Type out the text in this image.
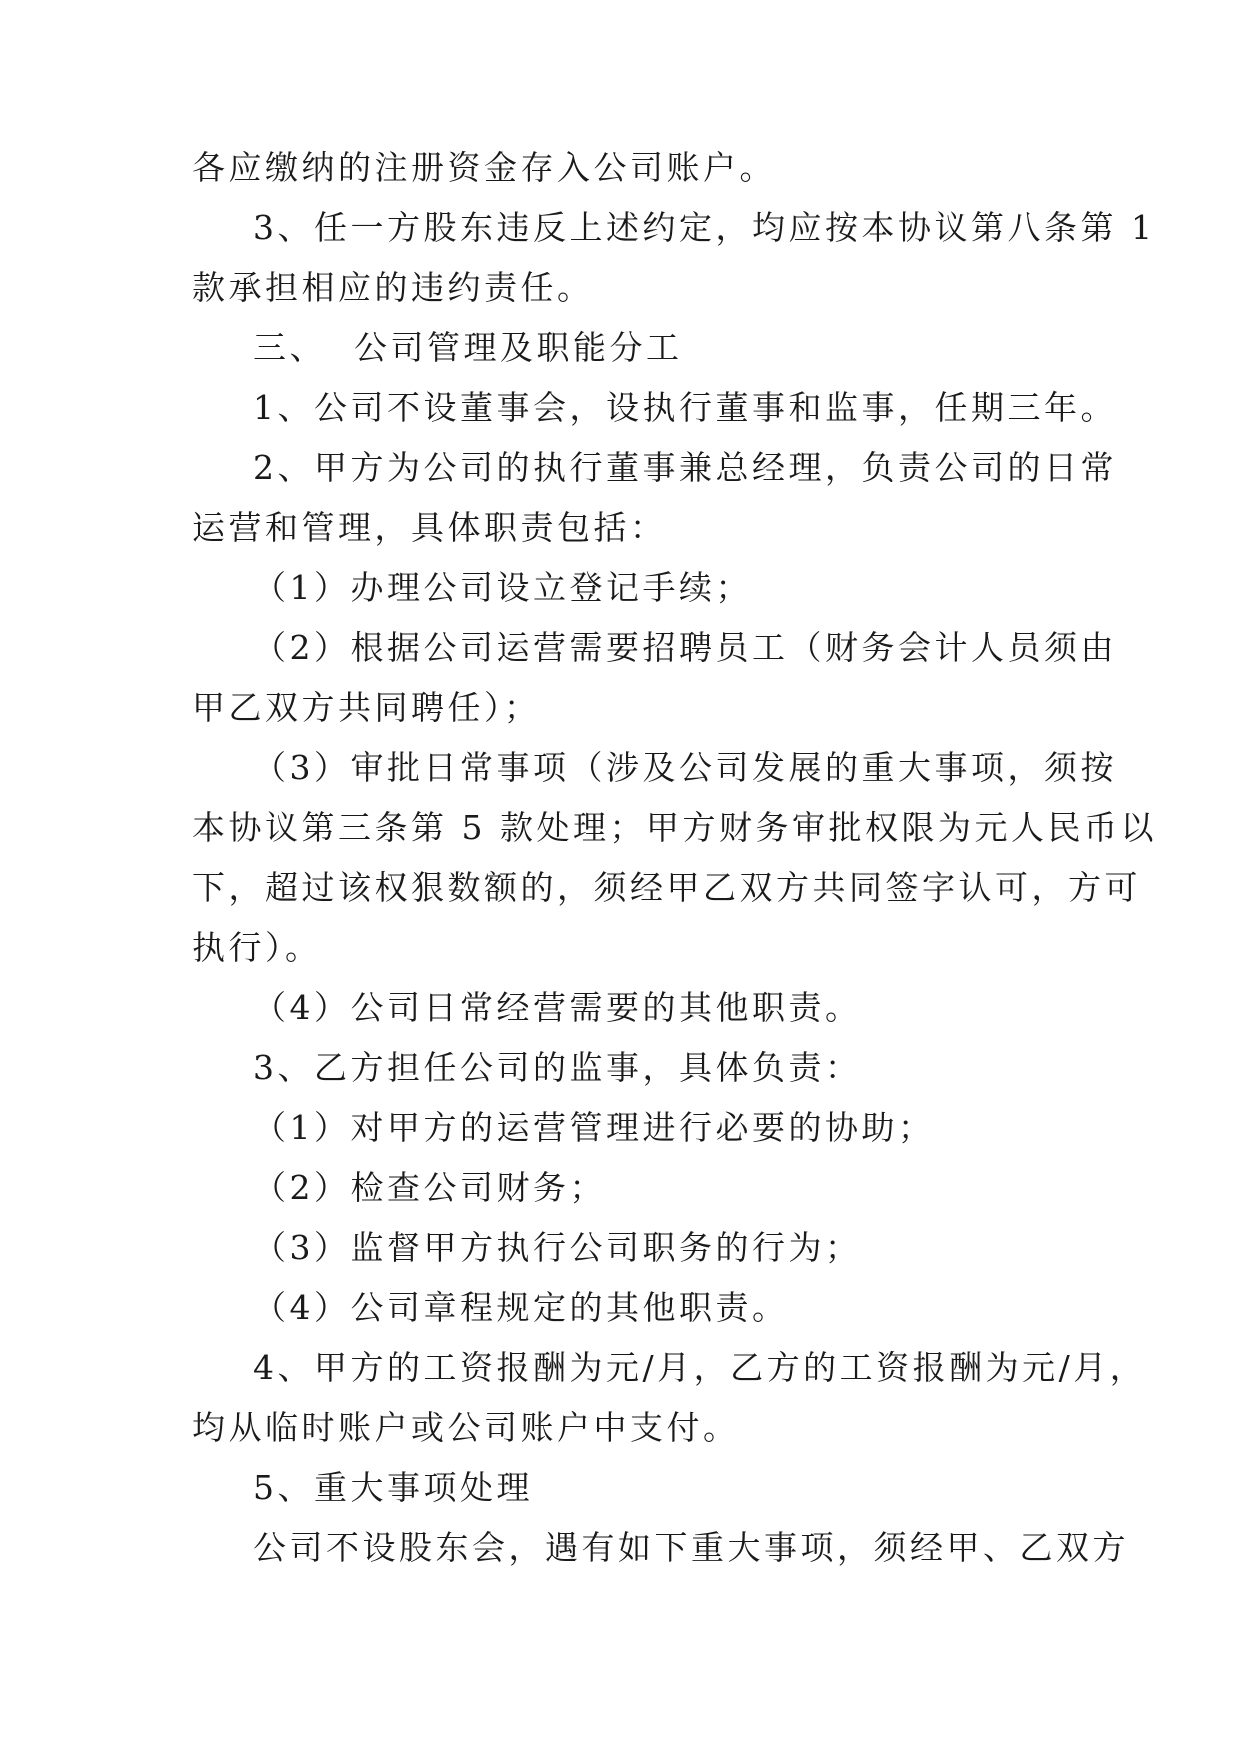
各应缴纳的注册资金存入公司账户。
3、任一方股东违反上述约定，均应按本协议第八条第 1
款承担相应的违约责任。
三、  公司管理及职能分工
1、公司不设董事会，设执行董事和监事，任期三年。
2、甲方为公司的执行董事兼总经理，负责公司的日常
运营和管理，具体职责包括：
（1）办理公司设立登记手续；
（2）根据公司运营需要招聘员工（财务会计人员须由
甲乙双方共同聘任）；
（3）审批日常事项（涉及公司发展的重大事项，须按
本协议第三条第 5 款处理；甲方财务审批权限为元人民币以
下，超过该权狠数额的，须经甲乙双方共同签字认可，方可
执行）。
（4）公司日常经营需要的其他职责。
3、乙方担任公司的监事，具体负责：
（1）对甲方的运营管理进行必要的协助；
（2）检查公司财务；
（3）监督甲方执行公司职务的行为；
（4）公司章程规定的其他职责。
4、甲方的工资报酬为元/月，乙方的工资报酬为元/月，
均从临时账户或公司账户中支付。
5、重大事项处理
公司不设股东会，遇有如下重大事项，须经甲、乙双方
